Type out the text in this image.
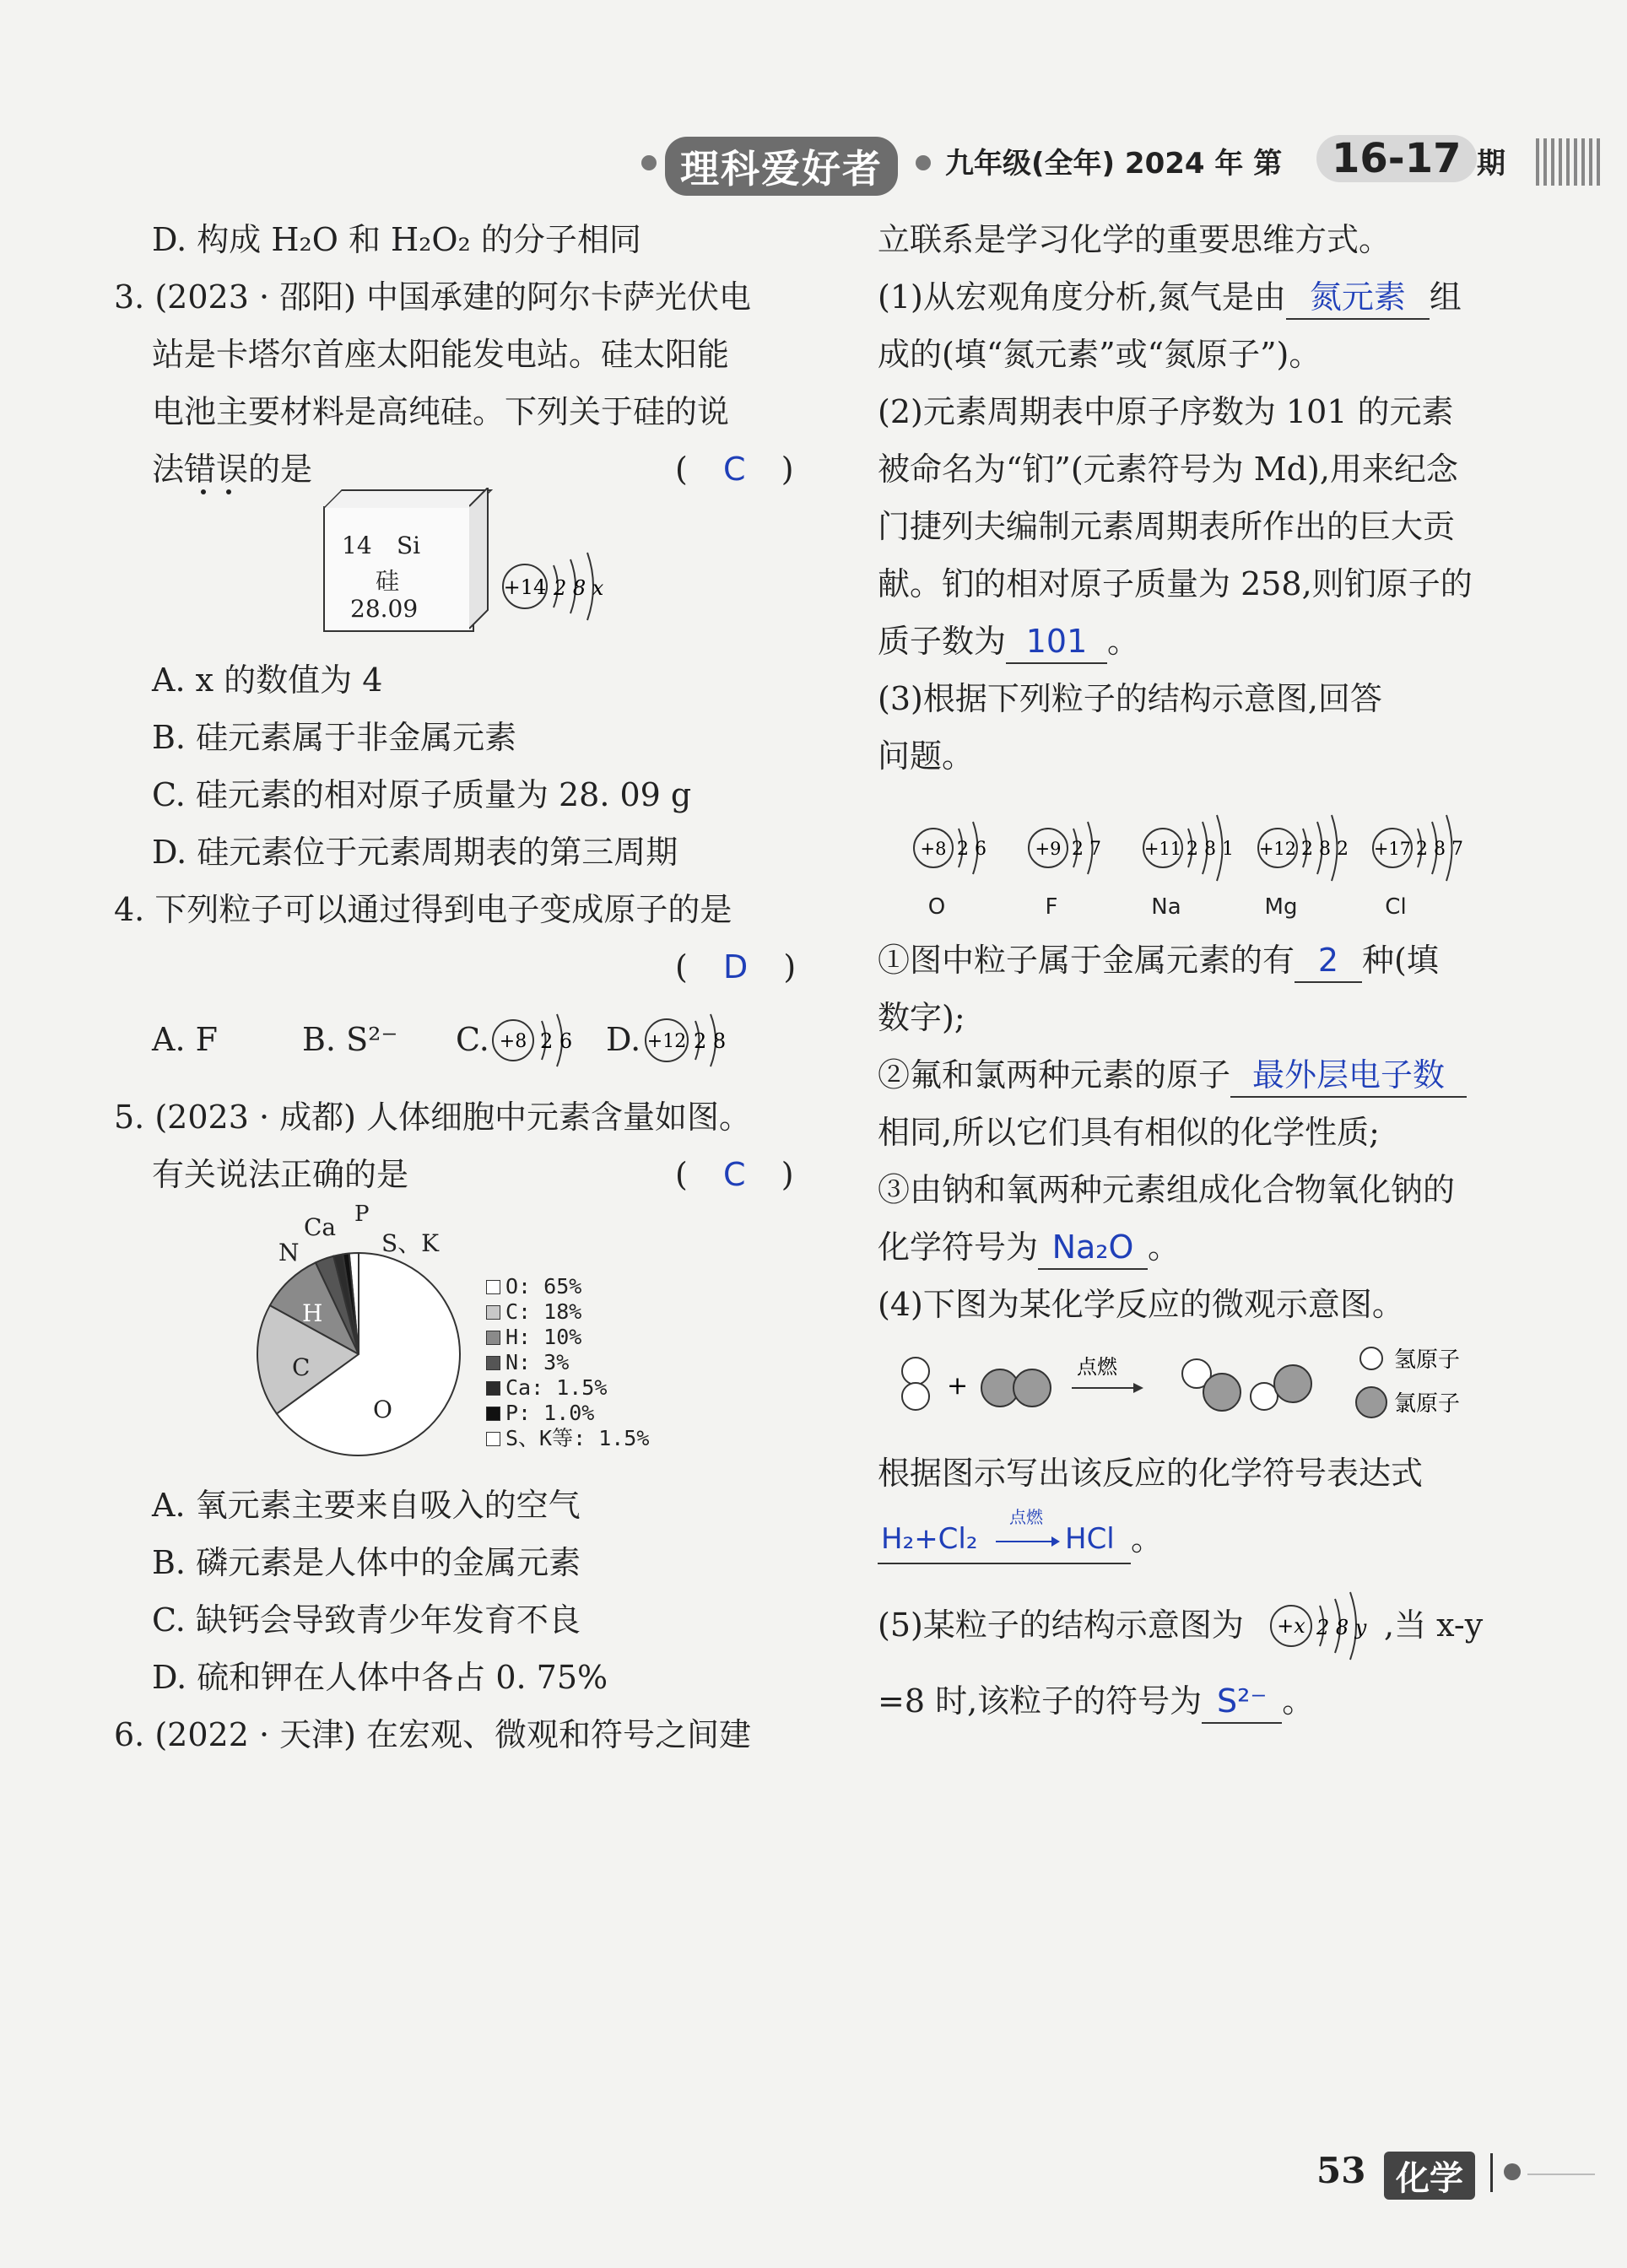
理科爱好者	九年级(全年) 2024 年 第	16-17 期
D. 构成 H₂O 和 H₂O₂ 的分子相同
3. (2023 · 邵阳) 中国承建的阿尔卡萨光伏电
站是卡塔尔首座太阳能发电站。硅太阳能
电池主要材料是高纯硅。下列关于硅的说
法错误的是	(  C  )
14 Si
硅
28.09
+14 2 8 x
A. x 的数值为 4
B. 硅元素属于非金属元素
C. 硅元素的相对原子质量为 28. 09 g
D. 硅元素位于元素周期表的第三周期
4. 下列粒子可以通过得到电子变成原子的是
(  D  )
A. F	B. S²⁻ C. +8 2 6 D. +12 2 8
5. (2023 · 成都) 人体细胞中元素含量如图。
有关说法正确的是	(  C  )
N
Ca P
S、K
H
C
O
O: 65%
C: 18%
H: 10%
N: 3%
Ca: 1.5%
P: 1.0%
S、K等: 1.5%
A. 氧元素主要来自吸入的空气
B. 磷元素是人体中的金属元素
C. 缺钙会导致青少年发育不良
D. 硫和钾在人体中各占 0. 75%
6. (2022 · 天津) 在宏观、微观和符号之间建
立联系是学习化学的重要思维方式。
(1)从宏观角度分析,氮气是由 氮元素 组
成的(填“氮元素”或“氮原子”)。
(2)元素周期表中原子序数为 101 的元素
被命名为“钔”(元素符号为 Md),用来纪念
门捷列夫编制元素周期表所作出的巨大贡
献。钔的相对原子质量为 258,则钔原子的
质子数为 101 。
(3)根据下列粒子的结构示意图,回答
问题。
+8 2 6
O
+9 2 7
F
+11 2 8 1
Na
+12 2 8 2
Mg
+17 2 8 7
Cl
①图中粒子属于金属元素的有 2 种(填
数字);
②氟和氯两种元素的原子 最外层电子数
相同,所以它们具有相似的化学性质;
③由钠和氧两种元素组成化合物氧化钠的
化学符号为 Na₂O 。
(4)下图为某化学反应的微观示意图。
+
点燃	氢原子
氯原子
根据图示写出该反应的化学符号表达式
H₂+Cl₂
点燃
HCl 。
(5)某粒子的结构示意图为 +x 2 8 y ,当 x-y
=8 时,该粒子的符号为 S²⁻ 。
53 化学
